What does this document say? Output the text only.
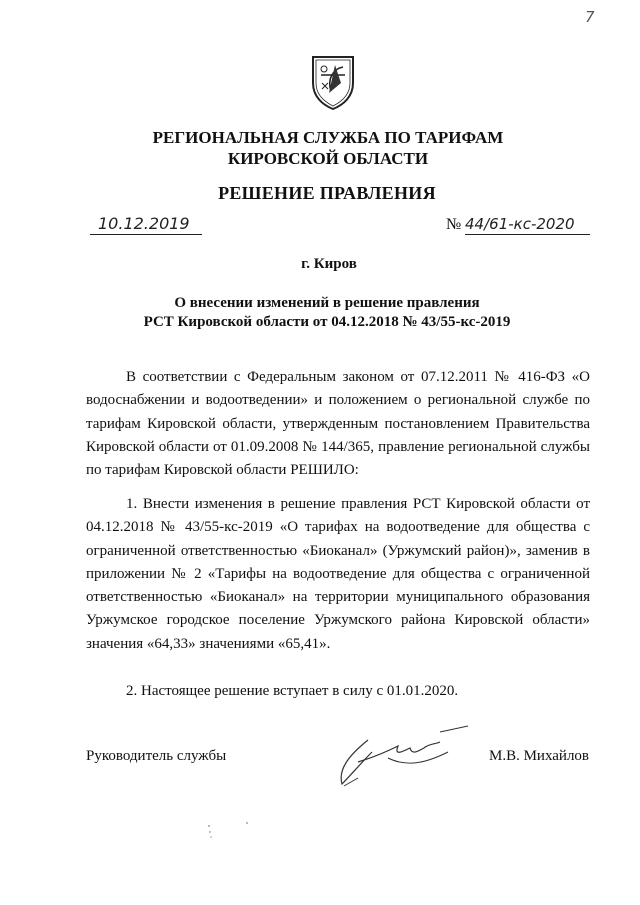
7
РЕГИОНАЛЬНАЯ СЛУЖБА ПО ТАРИФАМ
КИРОВСКОЙ ОБЛАСТИ
РЕШЕНИЕ ПРАВЛЕНИЯ
10.12.2019	№ 44/61-кс-2020
г. Киров
О внесении изменений в решение правления
РСТ Кировской области от 04.12.2018 № 43/55-кс-2019
В соответствии с Федеральным законом от 07.12.2011 № 416-ФЗ «О водоснабжении и водоотведении» и положением о региональной службе по тарифам Кировской области, утвержденным постановлением Правительства Кировской области от 01.09.2008 № 144/365, правление региональной службы по тарифам Кировской области РЕШИЛО:
1. Внести изменения в решение правления РСТ Кировской области от 04.12.2018 № 43/55-кс-2019 «О тарифах на водоотведение для общества с ограниченной ответственностью «Биоканал» (Уржумский район)», заменив в приложении № 2 «Тарифы на водоотведение для общества с ограниченной ответственностью «Биоканал» на территории муниципального образования Уржумское городское поселение Уржумского района Кировской области» значения «64,33» значениями «65,41».
2. Настоящее решение вступает в силу с 01.01.2020.
Руководитель службы	М.В. Михайлов
